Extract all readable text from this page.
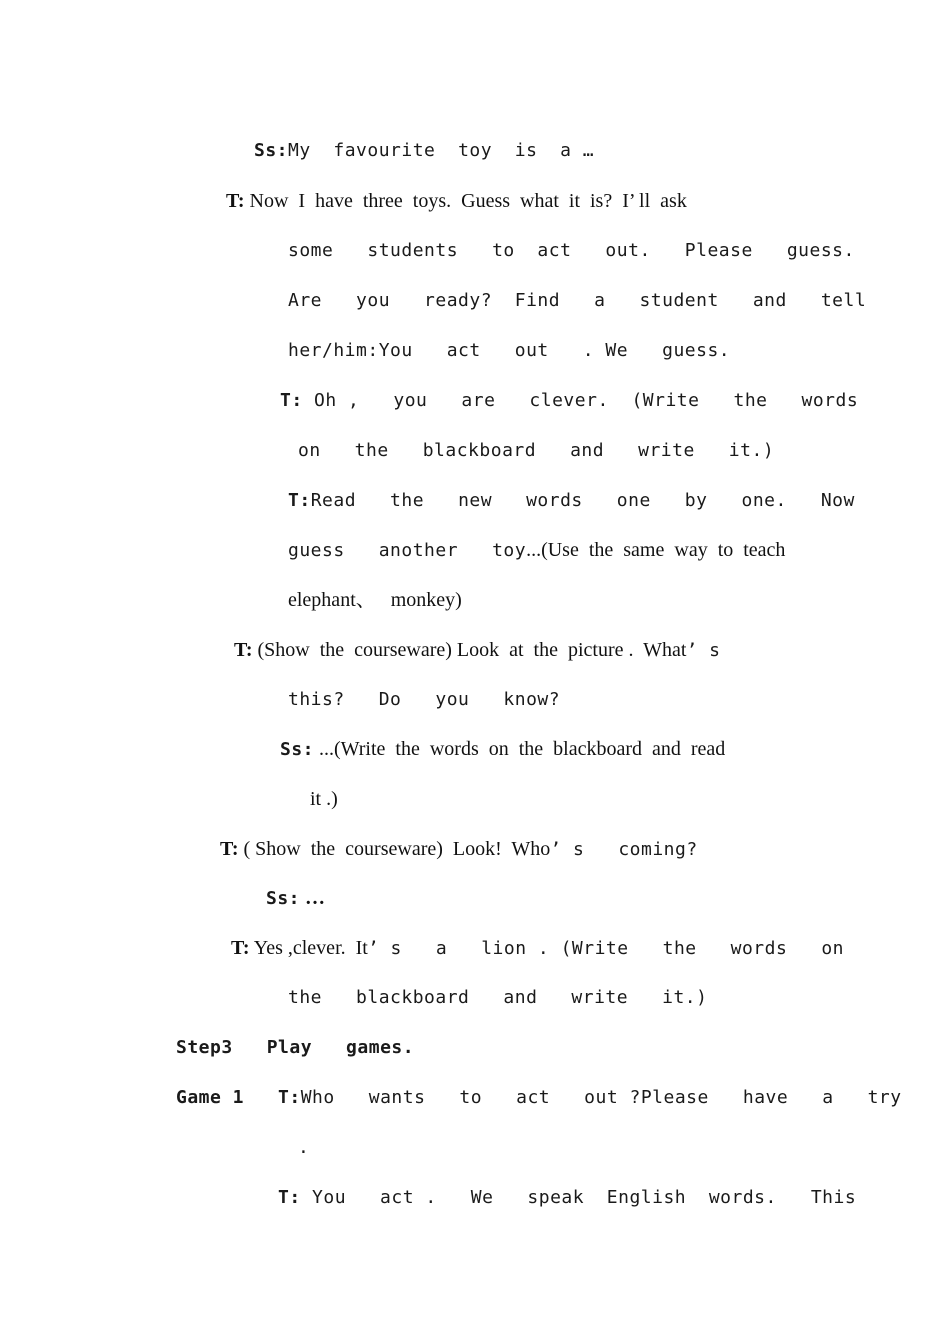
Ss:My  favourite  toy  is  a …
T: Now  I  have  three  toys.  Guess  what  it  is?  I’ ll  ask
some   students   to  act   out.   Please   guess.
Are   you   ready?  Find   a   student   and   tell
her/him:You   act   out   . We   guess.
T: Oh ,   you   are   clever.  (Write   the   words
on   the   blackboard   and   write   it.)
T:Read   the   new   words   one   by   one.   Now
guess   another   toy...(Use  the  same  way  to  teach
elephant、   monkey)
T: (Show  the  courseware) Look  at  the  picture .  What’ s
this?   Do   you   know?
Ss: ...(Write  the  words  on  the  blackboard  and  read
it .)
T: ( Show  the  courseware)  Look!  Who’ s   coming?
Ss: …
T: Yes ,clever.  It’ s   a   lion . (Write   the   words   on
the   blackboard   and   write   it.)
Step3   Play   games.
Game 1   T:Who   wants   to   act   out ?Please   have   a   try
.
T: You   act .   We   speak  English  words.   This
